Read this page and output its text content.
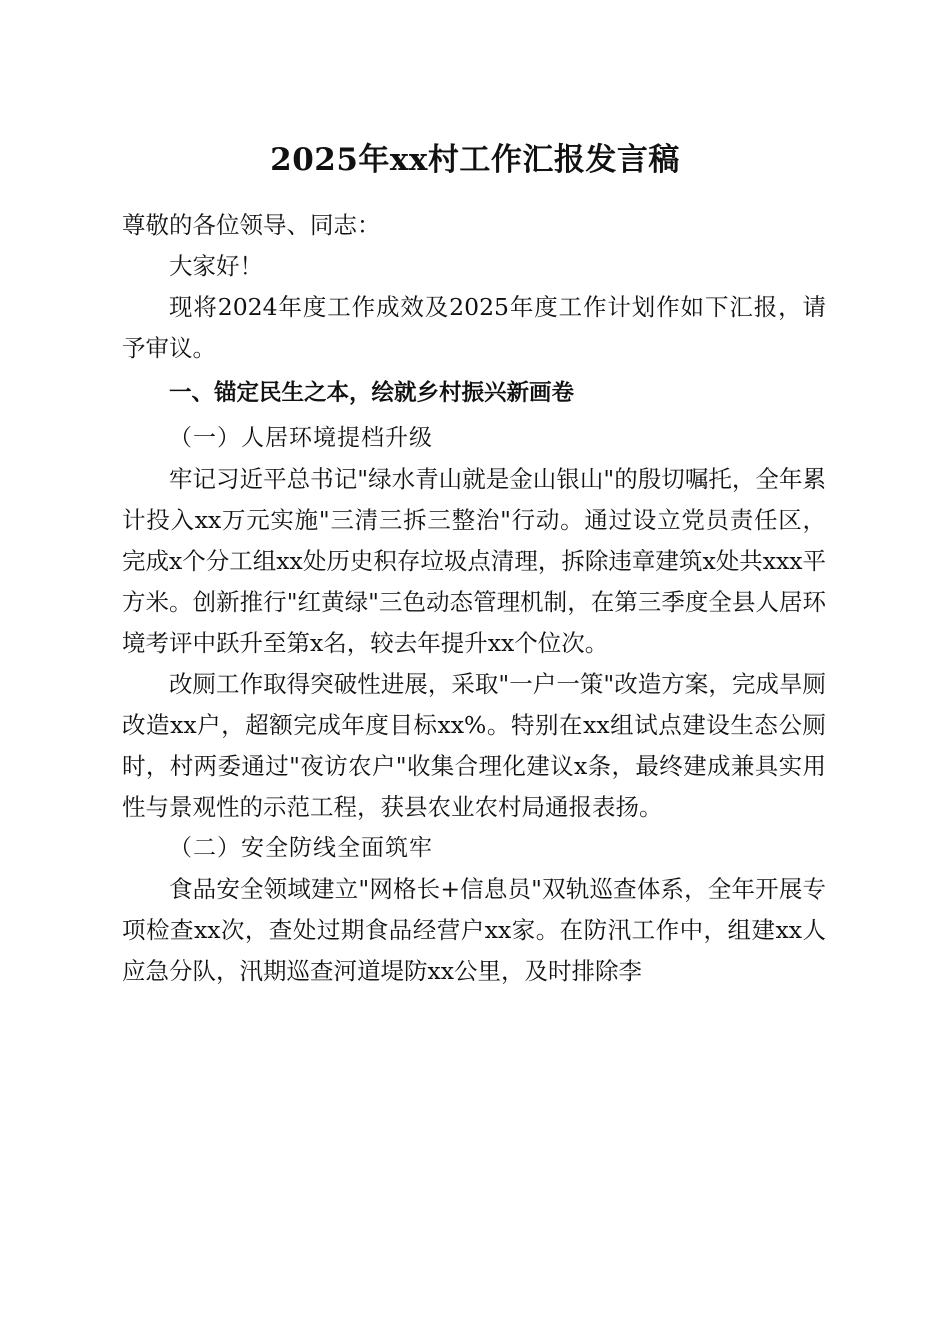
2025年xx村工作汇报发言稿

尊敬的各位领导、同志：

大家好！

现将2024年度工作成效及2025年度工作计划作如下汇报，请予审议。

一、锚定民生之本，绘就乡村振兴新画卷

（一）人居环境提档升级

牢记习近平总书记"绿水青山就是金山银山"的殷切嘱托，全年累计投入xx万元实施"三清三拆三整治"行动。通过设立党员责任区，完成x个分工组xx处历史积存垃圾点清理，拆除违章建筑x处共xxx平方米。创新推行"红黄绿"三色动态管理机制，在第三季度全县人居环境考评中跃升至第x名，较去年提升xx个位次。

改厕工作取得突破性进展，采取"一户一策"改造方案，完成旱厕改造xx户，超额完成年度目标xx%。特别在xx组试点建设生态公厕时，村两委通过"夜访农户"收集合理化建议x条，最终建成兼具实用性与景观性的示范工程，获县农业农村局通报表扬。

（二）安全防线全面筑牢

食品安全领域建立"网格长+信息员"双轨巡查体系，全年开展专项检查xx次，查处过期食品经营户xx家。在防汛工作中，组建xx人应急分队，汛期巡查河道堤防xx公里，及时排除李
